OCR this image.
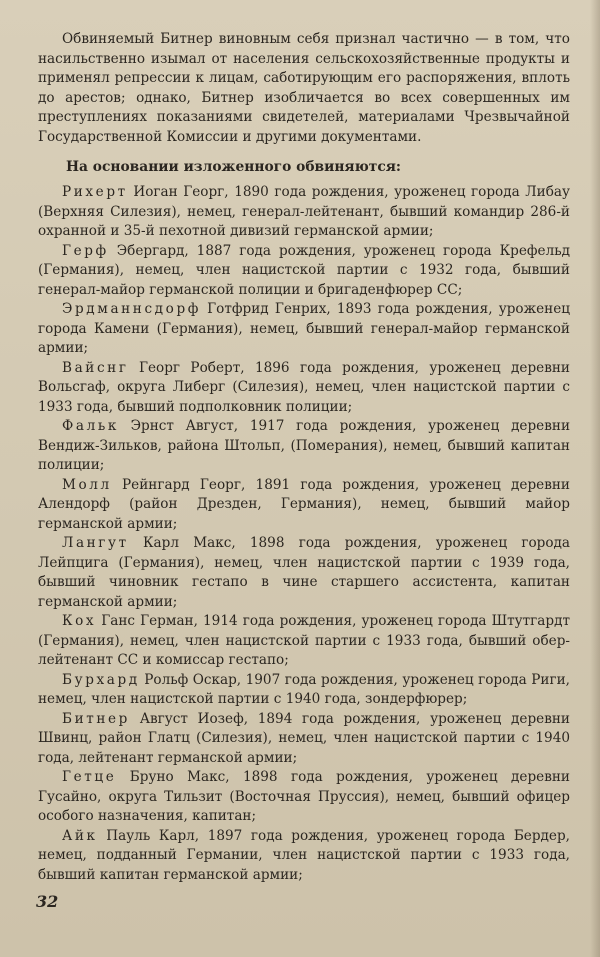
Обвиняемый Битнер виновным себя признал частично — в том, что насильственно изымал от населения сельскохозяйственные продукты и применял репрессии к лицам, саботирующим его распоряжения, вплоть до арестов; однако, Битнер изобличается во всех совершенных им преступлениях показаниями свидетелей, материалами Чрезвычайной Государственной Комиссии и другими документами.

На основании изложенного обвиняются:

Рихерт Иоган Георг, 1890 года рождения, уроженец города Либау (Верхняя Силезия), немец, генерал-лейтенант, бывший командир 286-й охранной и 35-й пехотной дивизий германской армии;

Герф Эбергард, 1887 года рождения, уроженец города Крефельд (Германия), немец, член нацистской партии с 1932 года, бывший генерал-майор германской полиции и бригаденфюрер СС;

Эрдманнсдорф Готфрид Генрих, 1893 года рождения, уроженец города Камени (Германия), немец, бывший генерал-майор германской армии;

Вайснг Георг Роберт, 1896 года рождения, уроженец деревни Вольсгаф, округа Либерг (Силезия), немец, член нацистской партии с 1933 года, бывший подполковник полиции;

Фальк Эрнст Август, 1917 года рождения, уроженец деревни Вендиж-Зильков, района Штольп, (Померания), немец, бывший капитан полиции;

Молл Рейнгард Георг, 1891 года рождения, уроженец деревни Алендорф (район Дрезден, Германия), немец, бывший майор германской армии;

Лангут Карл Макс, 1898 года рождения, уроженец города Лейпцига (Германия), немец, член нацистской партии с 1939 года, бывший чиновник гестапо в чине старшего ассистента, капитан германской армии;

Кох Ганс Герман, 1914 года рождения, уроженец города Штутгардт (Германия), немец, член нацистской партии с 1933 года, бывший обер-лейтенант СС и комиссар гестапо;

Бурхард Рольф Оскар, 1907 года рождения, уроженец города Риги, немец, член нацистской партии с 1940 года, зондерфюрер;

Битнер Август Иозеф, 1894 года рождения, уроженец деревни Швинц, район Глатц (Силезия), немец, член нацистской партии с 1940 года, лейтенант германской армии;

Гетце Бруно Макс, 1898 года рождения, уроженец деревни Гусайно, округа Тильзит (Восточная Пруссия), немец, бывший офицер особого назначения, капитан;

Айк Пауль Карл, 1897 года рождения, уроженец города Бердер, немец, подданный Германии, член нацистской партии с 1933 года, бывший капитан германской армии;

32
